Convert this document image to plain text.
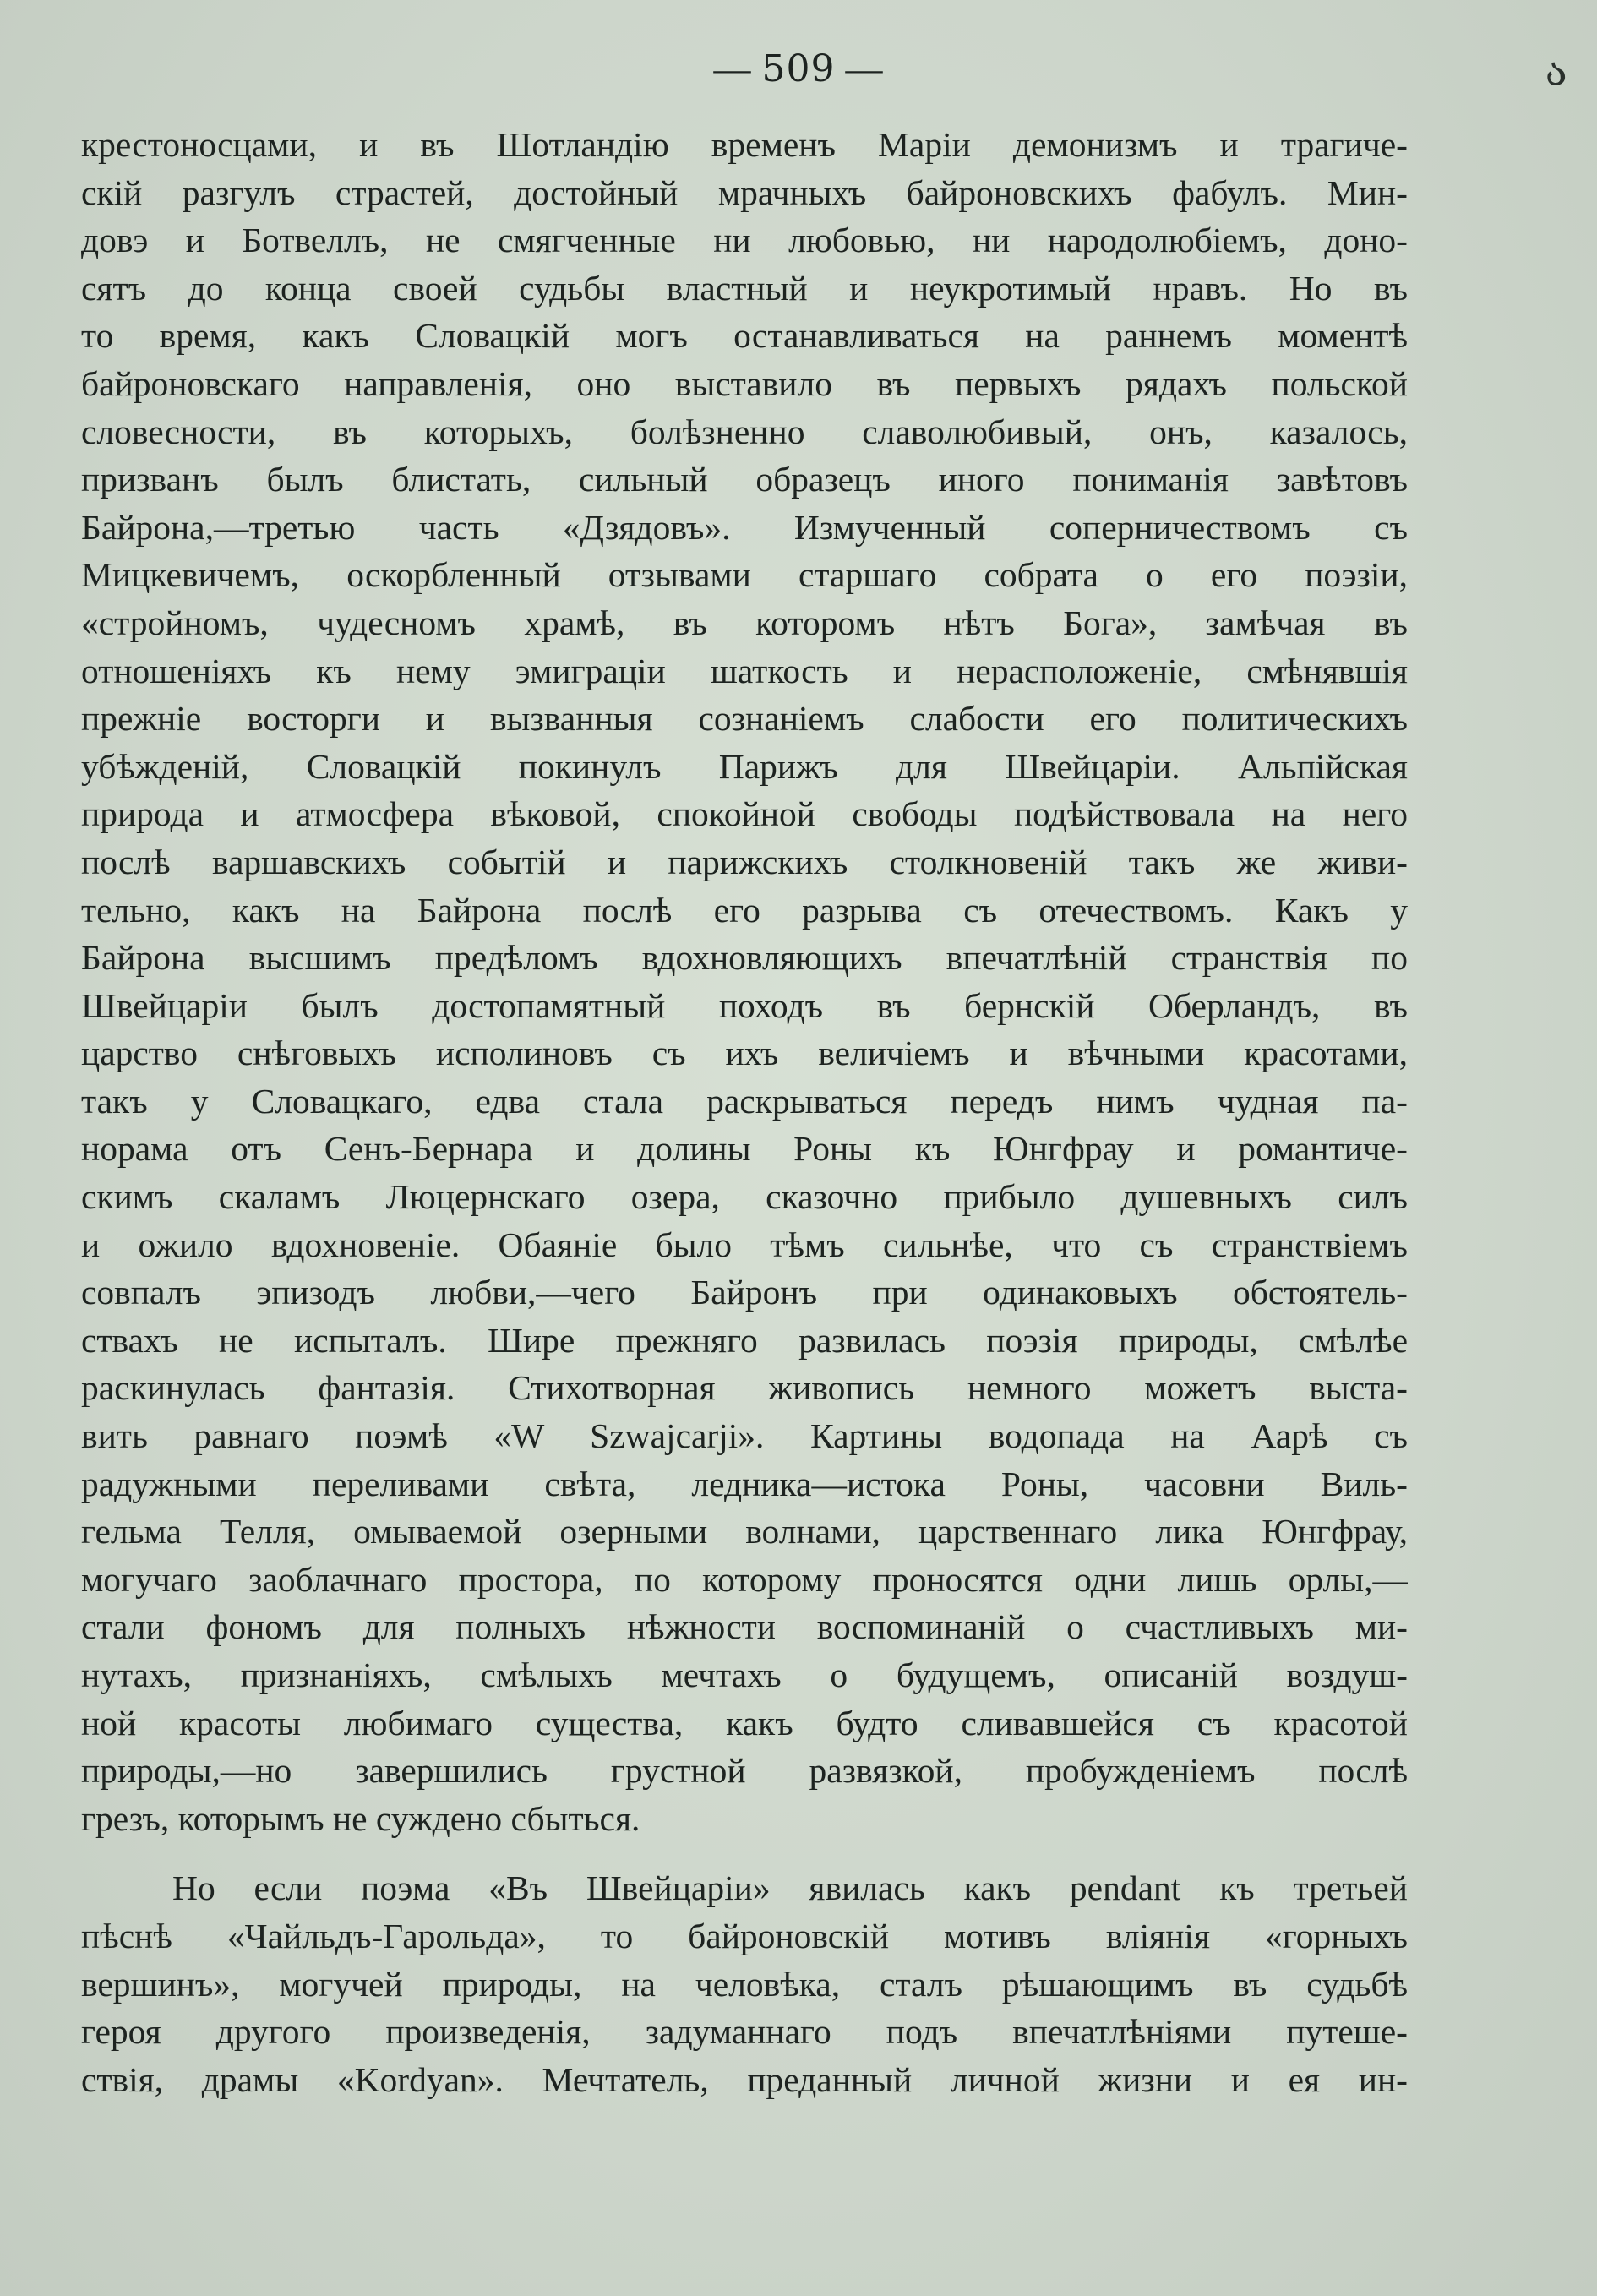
— 509 —	ა
крестоносцами, и въ Шотландію временъ Маріи демонизмъ и трагиче-
скій разгулъ страстей, достойный мрачныхъ байроновскихъ фабулъ. Мин-
довэ и Ботвеллъ, не смягченные ни любовью, ни народолюбіемъ, доно-
сятъ до конца своей судьбы властный и неукротимый нравъ. Но въ
то время, какъ Словацкій могъ останавливаться на раннемъ моментѣ
байроновскаго направленія, оно выставило въ первыхъ рядахъ польской
словесности, въ которыхъ, болѣзненно славолюбивый, онъ, казалось,
призванъ былъ блистать, сильный образецъ иного пониманія завѣтовъ
Байрона,—третью часть «Дзядовъ». Измученный соперничествомъ съ
Мицкевичемъ, оскорбленный отзывами старшаго собрата о его поэзіи,
«стройномъ, чудесномъ храмѣ, въ которомъ нѣтъ Бога», замѣчая въ
отношеніяхъ къ нему эмиграціи шаткость и нерасположеніе, смѣнявшія
прежніе восторги и вызванныя сознаніемъ слабости его политическихъ
убѣжденій, Словацкій покинулъ Парижъ для Швейцаріи. Альпійская
природа и атмосфера вѣковой, спокойной свободы подѣйствовала на него
послѣ варшавскихъ событій и парижскихъ столкновеній такъ же живи-
тельно, какъ на Байрона послѣ его разрыва съ отечествомъ. Какъ у
Байрона высшимъ предѣломъ вдохновляющихъ впечатлѣній странствія по
Швейцаріи былъ достопамятный походъ въ бернскій Оберландъ, въ
царство снѣговыхъ исполиновъ съ ихъ величіемъ и вѣчными красотами,
такъ у Словацкаго, едва стала раскрываться передъ нимъ чудная па-
норама отъ Сенъ-Бернара и долины Роны къ Юнгфрау и романтиче-
скимъ скаламъ Люцернскаго озера, сказочно прибыло душевныхъ силъ
и ожило вдохновеніе. Обаяніе было тѣмъ сильнѣе, что съ странствіемъ
совпалъ эпизодъ любви,—чего Байронъ при одинаковыхъ обстоятель-
ствахъ не испыталъ. Шире прежняго развилась поэзія природы, смѣлѣе
раскинулась фантазія. Стихотворная живопись немного можетъ выста-
вить равнаго поэмѣ «W Szwajcarji». Картины водопада на Аарѣ съ
радужными переливами свѣта, ледника—истока Роны, часовни Виль-
гельма Телля, омываемой озерными волнами, царственнаго лика Юнгфрау,
могучаго заоблачнаго простора, по которому проносятся одни лишь орлы,—
стали фономъ для полныхъ нѣжности воспоминаній о счастливыхъ ми-
нутахъ, признаніяхъ, смѣлыхъ мечтахъ о будущемъ, описаній воздуш-
ной красоты любимаго существа, какъ будто сливавшейся съ красотой
природы,—но завершились грустной развязкой, пробужденіемъ послѣ
грезъ, которымъ не суждено сбыться.
Но если поэма «Въ Швейцаріи» явилась какъ pendant къ третьей
пѣснѣ «Чайльдъ-Гарольда», то байроновскій мотивъ вліянія «горныхъ
вершинъ», могучей природы, на человѣка, сталъ рѣшающимъ въ судьбѣ
героя другого произведенія, задуманнаго подъ впечатлѣніями путеше-
ствія, драмы «Kordyan». Мечтатель, преданный личной жизни и ея ин-
